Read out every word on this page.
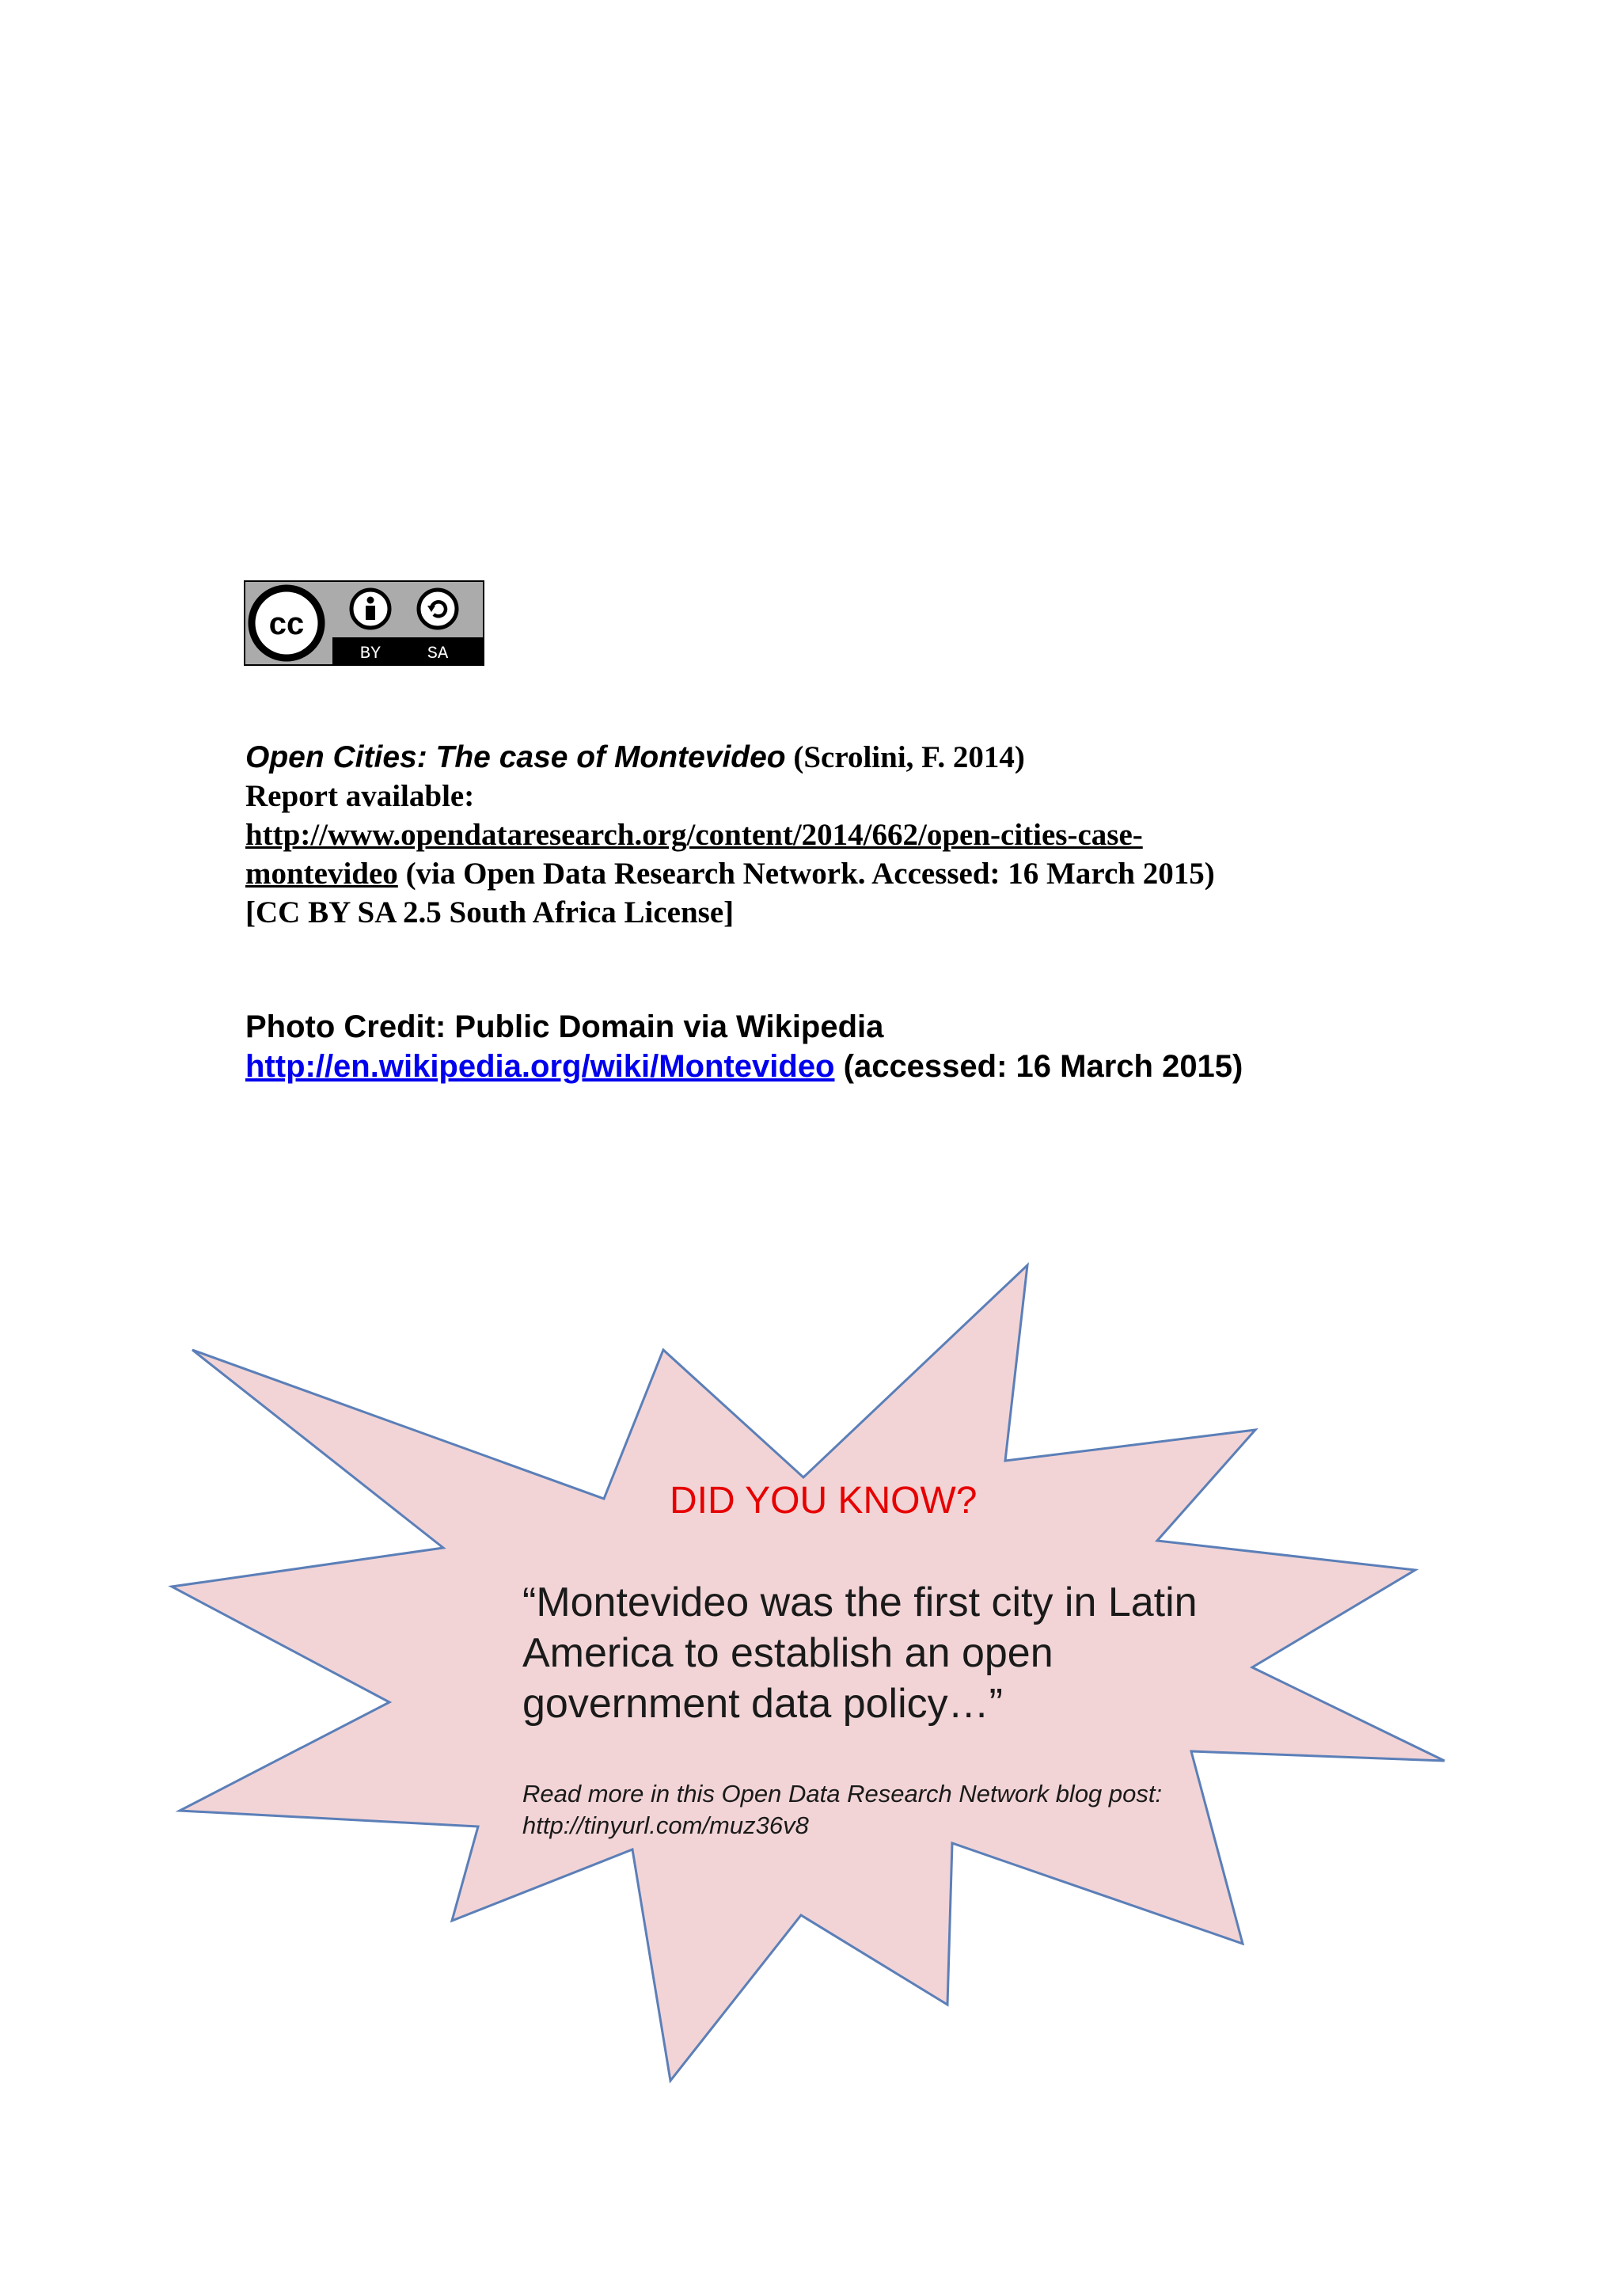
cc
BY	SA
Open Cities: The case of Montevideo (Scrolini, F. 2014)
Report available:
http://www.opendataresearch.org/content/2014/662/open-cities-case-
montevideo (via Open Data Research Network. Accessed: 16 March 2015)
[CC BY SA 2.5 South Africa License]
Photo Credit: Public Domain via Wikipedia
http://en.wikipedia.org/wiki/Montevideo (accessed: 16 March 2015)
DID YOU KNOW?
“Montevideo was the first city in Latin America to establish an open government data policy…”
Read more in this Open Data Research Network blog post: http://tinyurl.com/muz36v8
